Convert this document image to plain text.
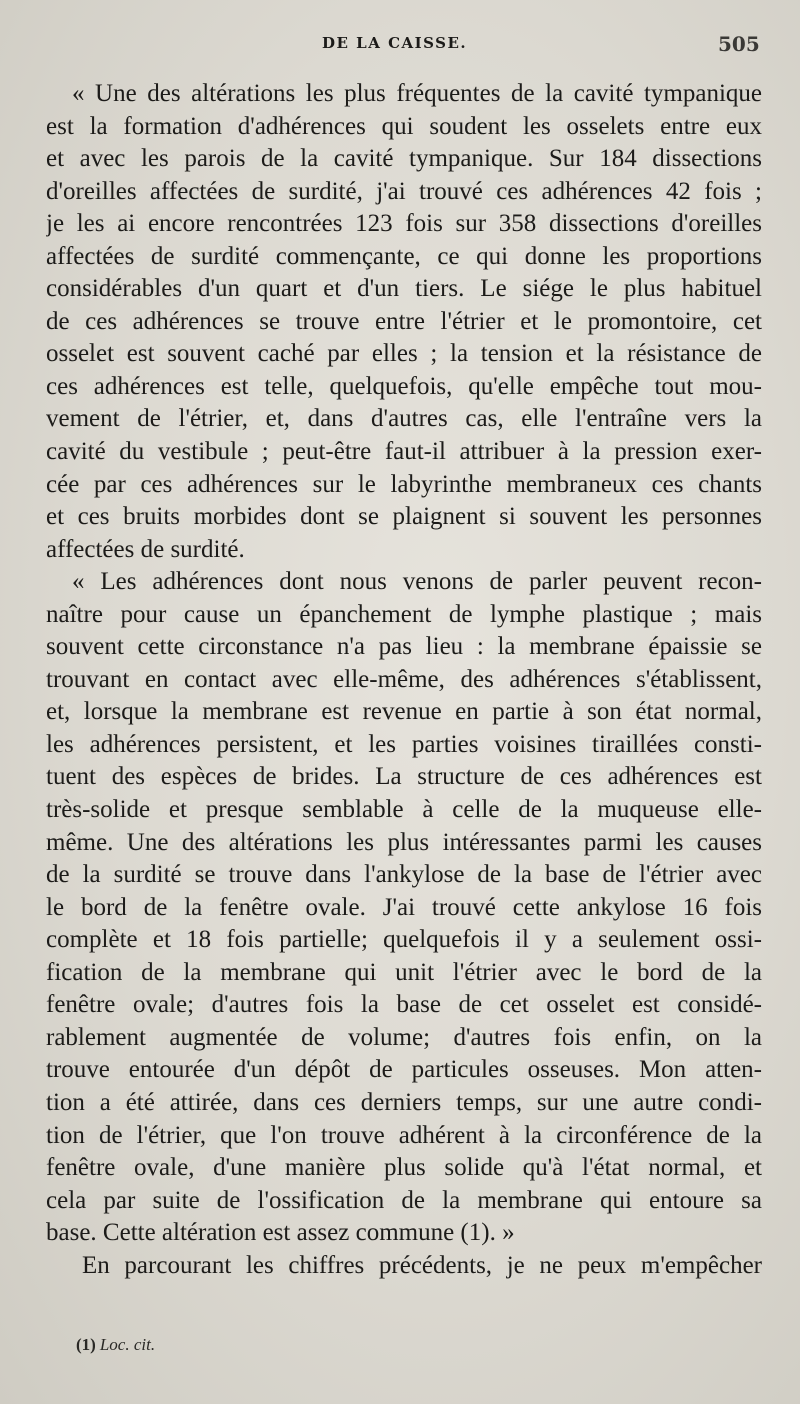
DE LA CAISSE.	505
« Une des altérations les plus fréquentes de la cavité tympanique
est la formation d'adhérences qui soudent les osselets entre eux
et avec les parois de la cavité tympanique. Sur 184 dissections
d'oreilles affectées de surdité, j'ai trouvé ces adhérences 42 fois ;
je les ai encore rencontrées 123 fois sur 358 dissections d'oreilles
affectées de surdité commençante, ce qui donne les proportions
considérables d'un quart et d'un tiers. Le siége le plus habituel
de ces adhérences se trouve entre l'étrier et le promontoire, cet
osselet est souvent caché par elles ; la tension et la résistance de
ces adhérences est telle, quelquefois, qu'elle empêche tout mou-
vement de l'étrier, et, dans d'autres cas, elle l'entraîne vers la
cavité du vestibule ; peut-être faut-il attribuer à la pression exer-
cée par ces adhérences sur le labyrinthe membraneux ces chants
et ces bruits morbides dont se plaignent si souvent les personnes
affectées de surdité.
« Les adhérences dont nous venons de parler peuvent recon-
naître pour cause un épanchement de lymphe plastique ; mais
souvent cette circonstance n'a pas lieu : la membrane épaissie se
trouvant en contact avec elle-même, des adhérences s'établissent,
et, lorsque la membrane est revenue en partie à son état normal,
les adhérences persistent, et les parties voisines tiraillées consti-
tuent des espèces de brides. La structure de ces adhérences est
très-solide et presque semblable à celle de la muqueuse elle-
même. Une des altérations les plus intéressantes parmi les causes
de la surdité se trouve dans l'ankylose de la base de l'étrier avec
le bord de la fenêtre ovale. J'ai trouvé cette ankylose 16 fois
complète et 18 fois partielle; quelquefois il y a seulement ossi-
fication de la membrane qui unit l'étrier avec le bord de la
fenêtre ovale; d'autres fois la base de cet osselet est considé-
rablement augmentée de volume; d'autres fois enfin, on la
trouve entourée d'un dépôt de particules osseuses. Mon atten-
tion a été attirée, dans ces derniers temps, sur une autre condi-
tion de l'étrier, que l'on trouve adhérent à la circonférence de la
fenêtre ovale, d'une manière plus solide qu'à l'état normal, et
cela par suite de l'ossification de la membrane qui entoure sa
base. Cette altération est assez commune (1). »
En parcourant les chiffres précédents, je ne peux m'empêcher
(1) Loc. cit.
